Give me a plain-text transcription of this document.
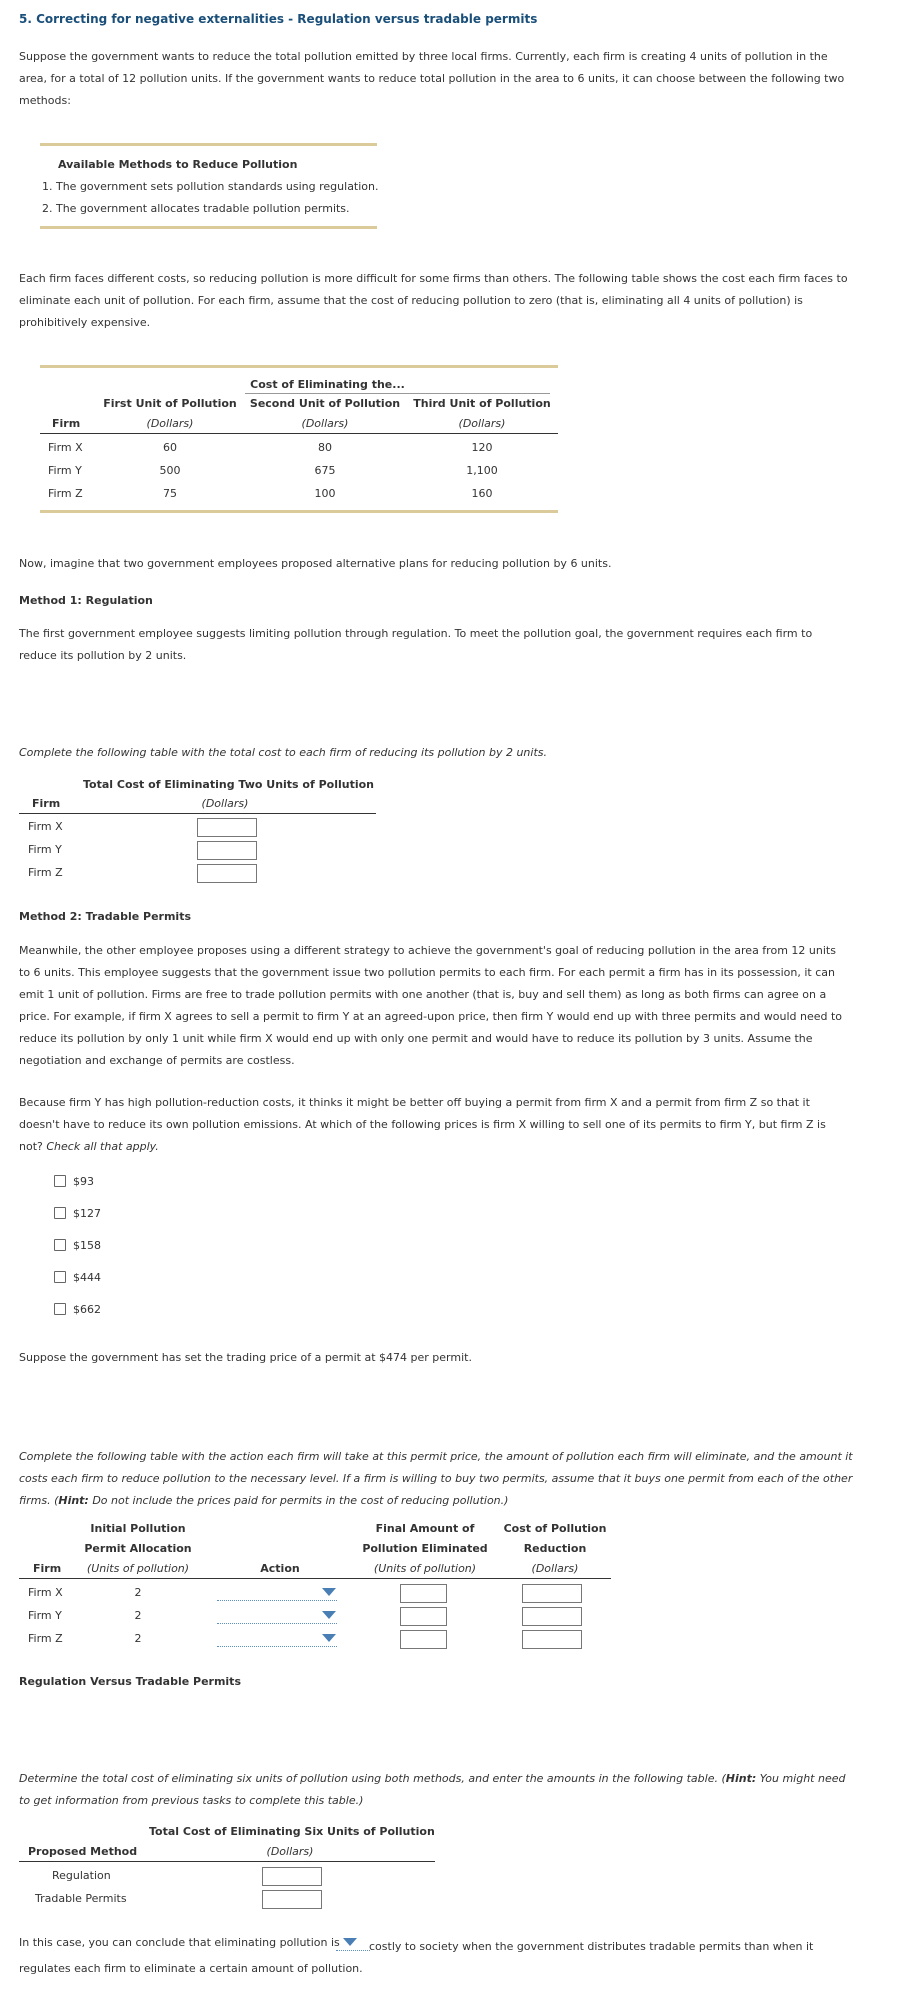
5. Correcting for negative externalities - Regulation versus tradable permits
Suppose the government wants to reduce the total pollution emitted by three local firms. Currently, each firm is creating 4 units of pollution in the area, for a total of 12 pollution units. If the government wants to reduce total pollution in the area to 6 units, it can choose between the following two methods:
Available Methods to Reduce Pollution
1. The government sets pollution standards using regulation.
2. The government allocates tradable pollution permits.
Each firm faces different costs, so reducing pollution is more difficult for some firms than others. The following table shows the cost each firm faces to eliminate each unit of pollution. For each firm, assume that the cost of reducing pollution to zero (that is, eliminating all 4 units of pollution) is prohibitively expensive.
Cost of Eliminating the...
First Unit of Pollution	Second Unit of Pollution	Third Unit of Pollution
Firm	(Dollars)	(Dollars)	(Dollars)
Firm X	60	80	120
Firm Y	500	675	1,100
Firm Z	75	100	160
Now, imagine that two government employees proposed alternative plans for reducing pollution by 6 units.
Method 1: Regulation
The first government employee suggests limiting pollution through regulation. To meet the pollution goal, the government requires each firm to reduce its pollution by 2 units.
Complete the following table with the total cost to each firm of reducing its pollution by 2 units.
Total Cost of Eliminating Two Units of Pollution
Firm	(Dollars)
Firm X
Firm Y
Firm Z
Method 2: Tradable Permits
Meanwhile, the other employee proposes using a different strategy to achieve the government's goal of reducing pollution in the area from 12 units to 6 units. This employee suggests that the government issue two pollution permits to each firm. For each permit a firm has in its possession, it can emit 1 unit of pollution. Firms are free to trade pollution permits with one another (that is, buy and sell them) as long as both firms can agree on a price. For example, if firm X agrees to sell a permit to firm Y at an agreed-upon price, then firm Y would end up with three permits and would need to reduce its pollution by only 1 unit while firm X would end up with only one permit and would have to reduce its pollution by 3 units. Assume the negotiation and exchange of permits are costless.
Because firm Y has high pollution-reduction costs, it thinks it might be better off buying a permit from firm X and a permit from firm Z so that it doesn't have to reduce its own pollution emissions. At which of the following prices is firm X willing to sell one of its permits to firm Y, but firm Z is not? Check all that apply.
$93
$127
$158
$444
$662
Suppose the government has set the trading price of a permit at $474 per permit.
Complete the following table with the action each firm will take at this permit price, the amount of pollution each firm will eliminate, and the amount it costs each firm to reduce pollution to the necessary level. If a firm is willing to buy two permits, assume that it buys one permit from each of the other firms. (Hint: Do not include the prices paid for permits in the cost of reducing pollution.)
Initial Pollution
Permit Allocation
(Units of pollution)
Final Amount of
Pollution Eliminated
(Units of pollution)
Cost of Pollution
Reduction
(Dollars)
Firm	Action
Firm X	2
Firm Y	2
Firm Z	2
Regulation Versus Tradable Permits
Determine the total cost of eliminating six units of pollution using both methods, and enter the amounts in the following table. (Hint: You might need to get information from previous tasks to complete this table.)
Total Cost of Eliminating Six Units of Pollution
Proposed Method	(Dollars)
Regulation
Tradable Permits
In this case, you can conclude that eliminating pollution is	costly to society when the government distributes tradable permits than when it regulates each firm to eliminate a certain amount of pollution.
